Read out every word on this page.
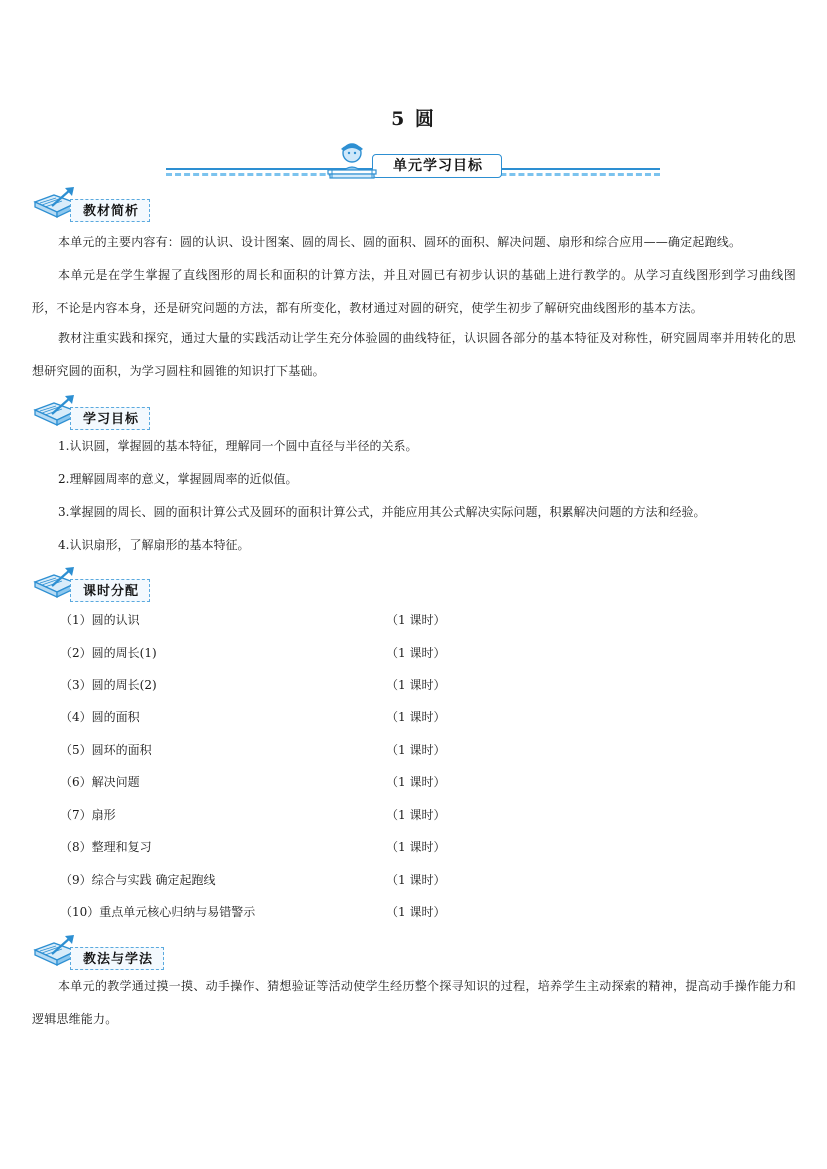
5 圆
单元学习目标
教材简析
本单元的主要内容有：圆的认识、设计图案、圆的周长、圆的面积、圆环的面积、解决问题、扇形和综合应用——确定起跑线。
本单元是在学生掌握了直线图形的周长和面积的计算方法，并且对圆已有初步认识的基础上进行教学的。从学习直线图形到学习曲线图形，不论是内容本身，还是研究问题的方法，都有所变化，教材通过对圆的研究，使学生初步了解研究曲线图形的基本方法。
教材注重实践和探究，通过大量的实践活动让学生充分体验圆的曲线特征，认识圆各部分的基本特征及对称性，研究圆周率并用转化的思想研究圆的面积，为学习圆柱和圆锥的知识打下基础。
学习目标
1.认识圆，掌握圆的基本特征，理解同一个圆中直径与半径的关系。
2.理解圆周率的意义，掌握圆周率的近似值。
3.掌握圆的周长、圆的面积计算公式及圆环的面积计算公式，并能应用其公式解决实际问题，积累解决问题的方法和经验。
4.认识扇形，了解扇形的基本特征。
课时分配
（1）圆的认识	（1 课时）
（2）圆的周长(1)	（1 课时）
（3）圆的周长(2)	（1 课时）
（4）圆的面积	（1 课时）
（5）圆环的面积	（1 课时）
（6）解决问题	（1 课时）
（7）扇形	（1 课时）
（8）整理和复习	（1 课时）
（9）综合与实践 确定起跑线	（1 课时）
（10）重点单元核心归纳与易错警示	（1 课时）
教法与学法
本单元的教学通过摸一摸、动手操作、猜想验证等活动使学生经历整个探寻知识的过程，培养学生主动探索的精神，提高动手操作能力和逻辑思维能力。
